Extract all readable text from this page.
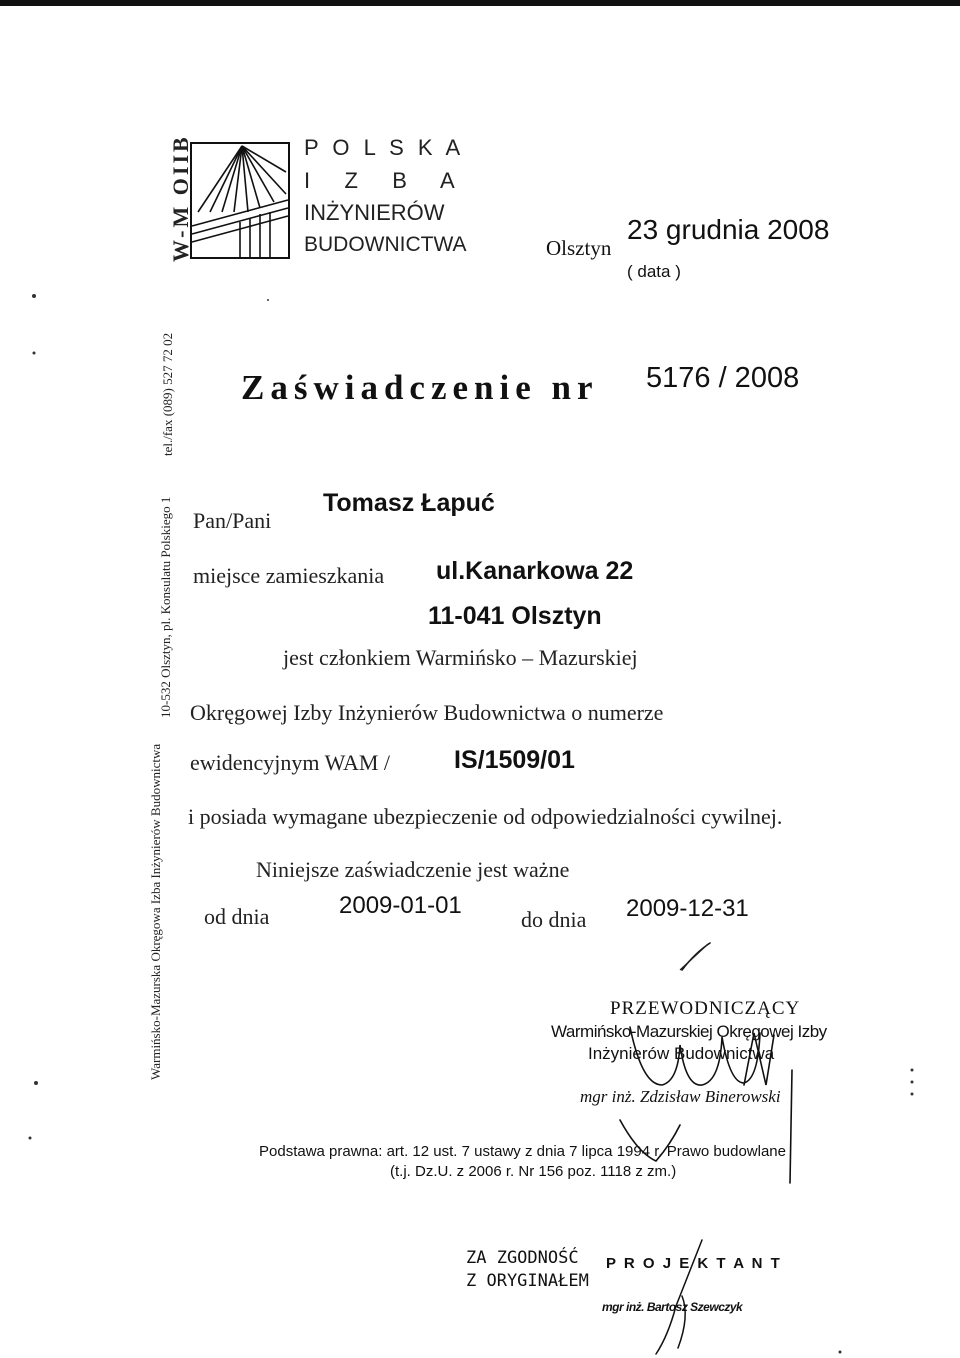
Warmińsko-Mazurska Okręgowa Izba Inżynierów Budownictwa
10-532 Olsztyn, pl. Konsulatu Polskiego 1
tel./fax (089) 527 72 02
W-M OIIB	P O L S K A
I   Z   B   A
INŻYNIERÓW
BUDOWNICTWA	Olsztyn
23 grudnia 2008
( data )
Zaświadczenie nr 5176 / 2008
Pan/Pani
Tomasz Łapuć
miejsce zamieszkania ul.Kanarkowa 22
11-041 Olsztyn
jest członkiem Warmińsko – Mazurskiej
Okręgowej Izby Inżynierów Budownictwa o numerze
ewidencyjnym WAM /	IS/1509/01
i posiada wymagane ubezpieczenie od odpowiedzialności cywilnej.
Niniejsze zaświadczenie jest ważne
od dnia	2009-01-01
do dnia 2009-12-31
PRZEWODNICZĄCY
Warmińsko-Mazurskiej Okręgowej Izby
Inżynierów Budownictwa
mgr inż. Zdzisław Binerowski
Podstawa prawna: art. 12 ust. 7 ustawy z dnia 7 lipca 1994 r. Prawo budowlane
(t.j. Dz.U. z 2006 r. Nr 156 poz. 1118 z zm.)
ZA ZGODNOŚĆ
Z ORYGINAŁEM
P R O J E K T A N T
mgr inż. Bartosz Szewczyk
